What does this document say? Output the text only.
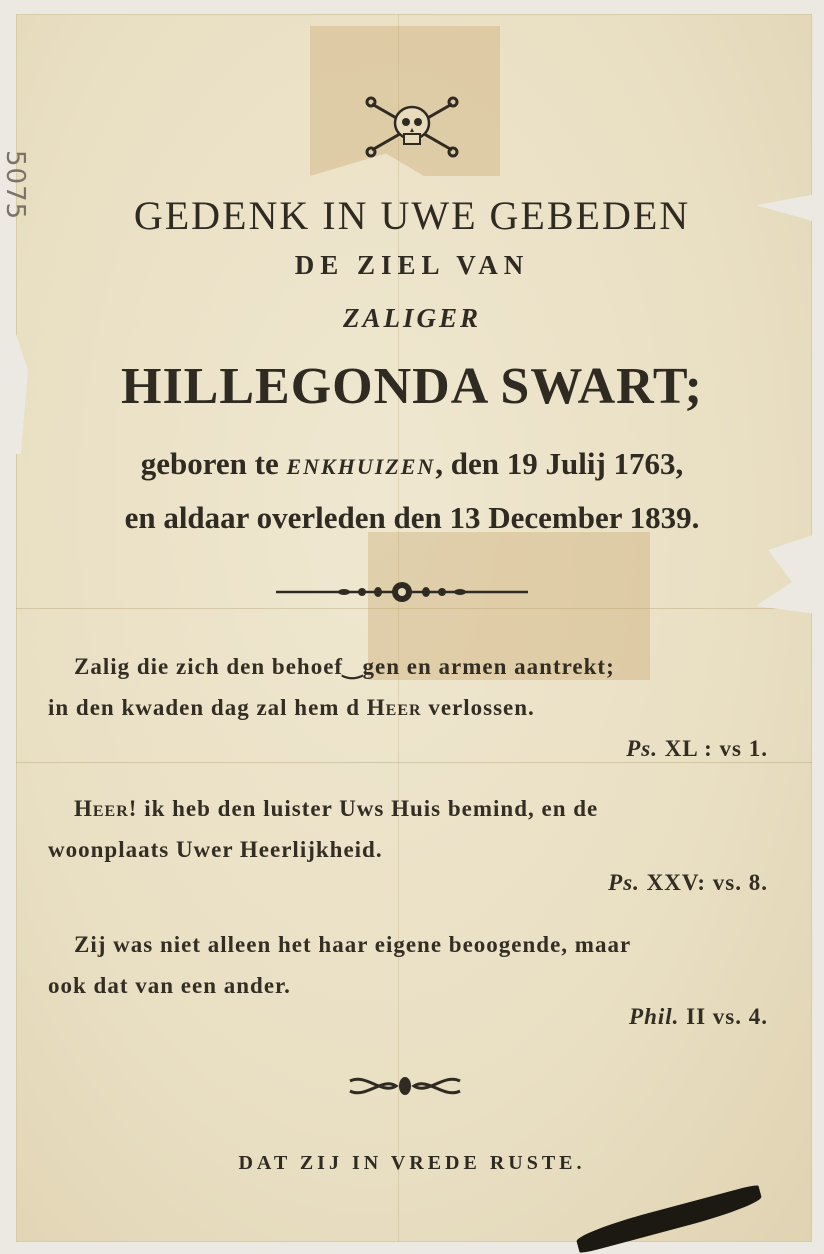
5075	GEDENK IN UWE GEBEDEN
DE ZIEL VAN
ZALIGER
HILLEGONDA SWART;
geboren te ENKHUIZEN, den 19 Julij 1763,
en aldaar overleden den 13 December 1839.
Zalig die zich den behoef‿gen en armen aantrekt;
in den kwaden dag zal hem d Heer verlossen.
Ps. XL : vs 1.
Heer! ik heb den luister Uws Huis bemind, en de
woonplaats Uwer Heerlijkheid.
Ps. XXV: vs. 8.
Zij was niet alleen het haar eigene beoogende, maar
ook dat van een ander.
Phil. II vs. 4.
DAT ZIJ IN VREDE RUSTE.
